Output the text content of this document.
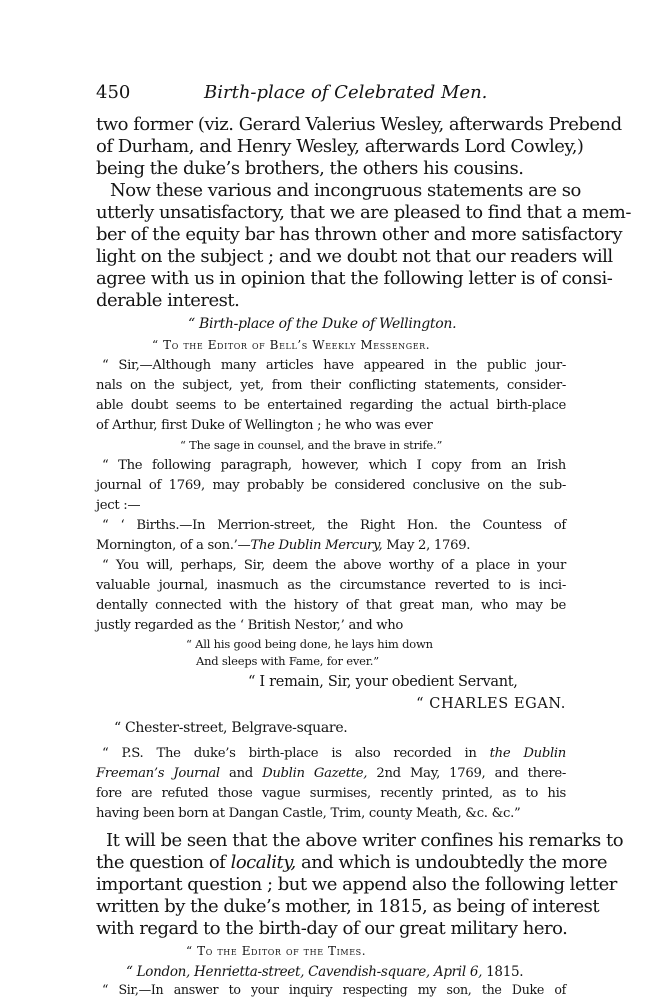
450	Birth-place of Celebrated Men.
two former (viz. Gerard Valerius Wesley, afterwards Prebend
of Durham, and Henry Wesley, afterwards Lord Cowley,)
being the duke’s brothers, the others his cousins.
Now these various and incongruous statements are so
utterly unsatisfactory, that we are pleased to find that a mem-
ber of the equity bar has thrown other and more satisfactory
light on the subject ; and we doubt not that our readers will
agree with us in opinion that the following letter is of consi-
derable interest.
“ Birth-place of the Duke of Wellington.
“ To the Editor of Bell’s Weekly Messenger.
“ Sir,—Although many articles have appeared in the public jour-
nals on the subject, yet, from their conflicting statements, consider-
able doubt seems to be entertained regarding the actual birth-place
of Arthur, first Duke of Wellington ; he who was ever
“ The sage in counsel, and the brave in strife.”
“ The following paragraph, however, which I copy from an Irish
journal of 1769, may probably be considered conclusive on the sub-
ject :—
“ ‘ Births.—In Merrion-street, the Right Hon. the Countess of
Mornington, of a son.’—The Dublin Mercury, May 2, 1769.
“ You will, perhaps, Sir, deem the above worthy of a place in your
valuable journal, inasmuch as the circumstance reverted to is inci-
dentally connected with the history of that great man, who may be
justly regarded as the ‘ British Nestor,’ and who
“ All his good being done, he lays him down
And sleeps with Fame, for ever.”
“ I remain, Sir, your obedient Servant,
“ CHARLES EGAN.
“ Chester-street, Belgrave-square.
“ P.S. The duke’s birth-place is also recorded in the Dublin
Freeman’s Journal and Dublin Gazette, 2nd May, 1769, and there-
fore are refuted those vague surmises, recently printed, as to his
having been born at Dangan Castle, Trim, county Meath, &c. &c.”
It will be seen that the above writer confines his remarks to
the question of locality, and which is undoubtedly the more
important question ; but we append also the following letter
written by the duke’s mother, in 1815, as being of interest
with regard to the birth-day of our great military hero.
“ To the Editor of the Times.
“ London, Henrietta-street, Cavendish-square, April 6, 1815.
“ Sir,—In answer to your inquiry respecting my son, the Duke of
